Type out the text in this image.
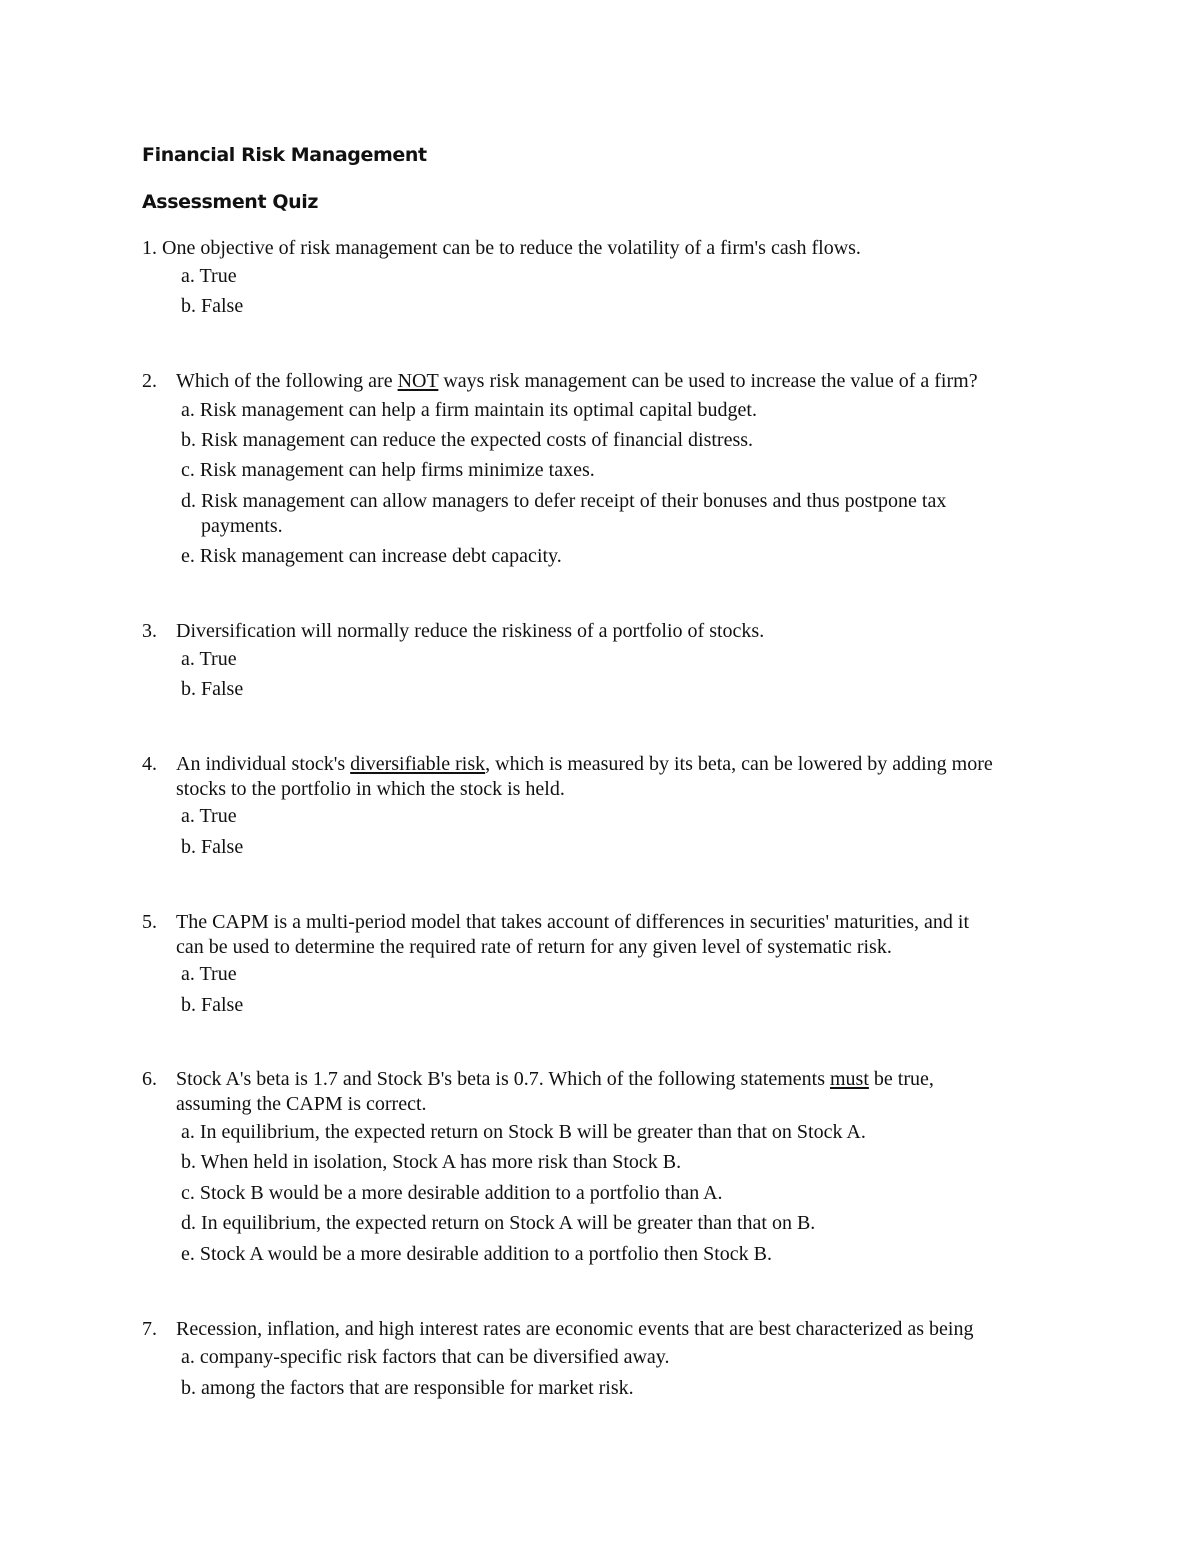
Financial Risk Management
Assessment Quiz
1. One objective of risk management can be to reduce the volatility of a firm's cash flows.
a. True
b. False
2. Which of the following are NOT ways risk management can be used to increase the value of a firm?
a. Risk management can help a firm maintain its optimal capital budget.
b. Risk management can reduce the expected costs of financial distress.
c. Risk management can help firms minimize taxes.
d. Risk management can allow managers to defer receipt of their bonuses and thus postpone tax
payments.
e. Risk management can increase debt capacity.
3. Diversification will normally reduce the riskiness of a portfolio of stocks.
a. True
b. False
4. An individual stock's diversifiable risk, which is measured by its beta, can be lowered by adding more
stocks to the portfolio in which the stock is held.
a. True
b. False
5. The CAPM is a multi-period model that takes account of differences in securities' maturities, and it
can be used to determine the required rate of return for any given level of systematic risk.
a. True
b. False
6. Stock A's beta is 1.7 and Stock B's beta is 0.7. Which of the following statements must be true,
assuming the CAPM is correct.
a. In equilibrium, the expected return on Stock B will be greater than that on Stock A.
b. When held in isolation, Stock A has more risk than Stock B.
c. Stock B would be a more desirable addition to a portfolio than A.
d. In equilibrium, the expected return on Stock A will be greater than that on B.
e. Stock A would be a more desirable addition to a portfolio then Stock B.
7. Recession, inflation, and high interest rates are economic events that are best characterized as being
a. company-specific risk factors that can be diversified away.
b. among the factors that are responsible for market risk.
